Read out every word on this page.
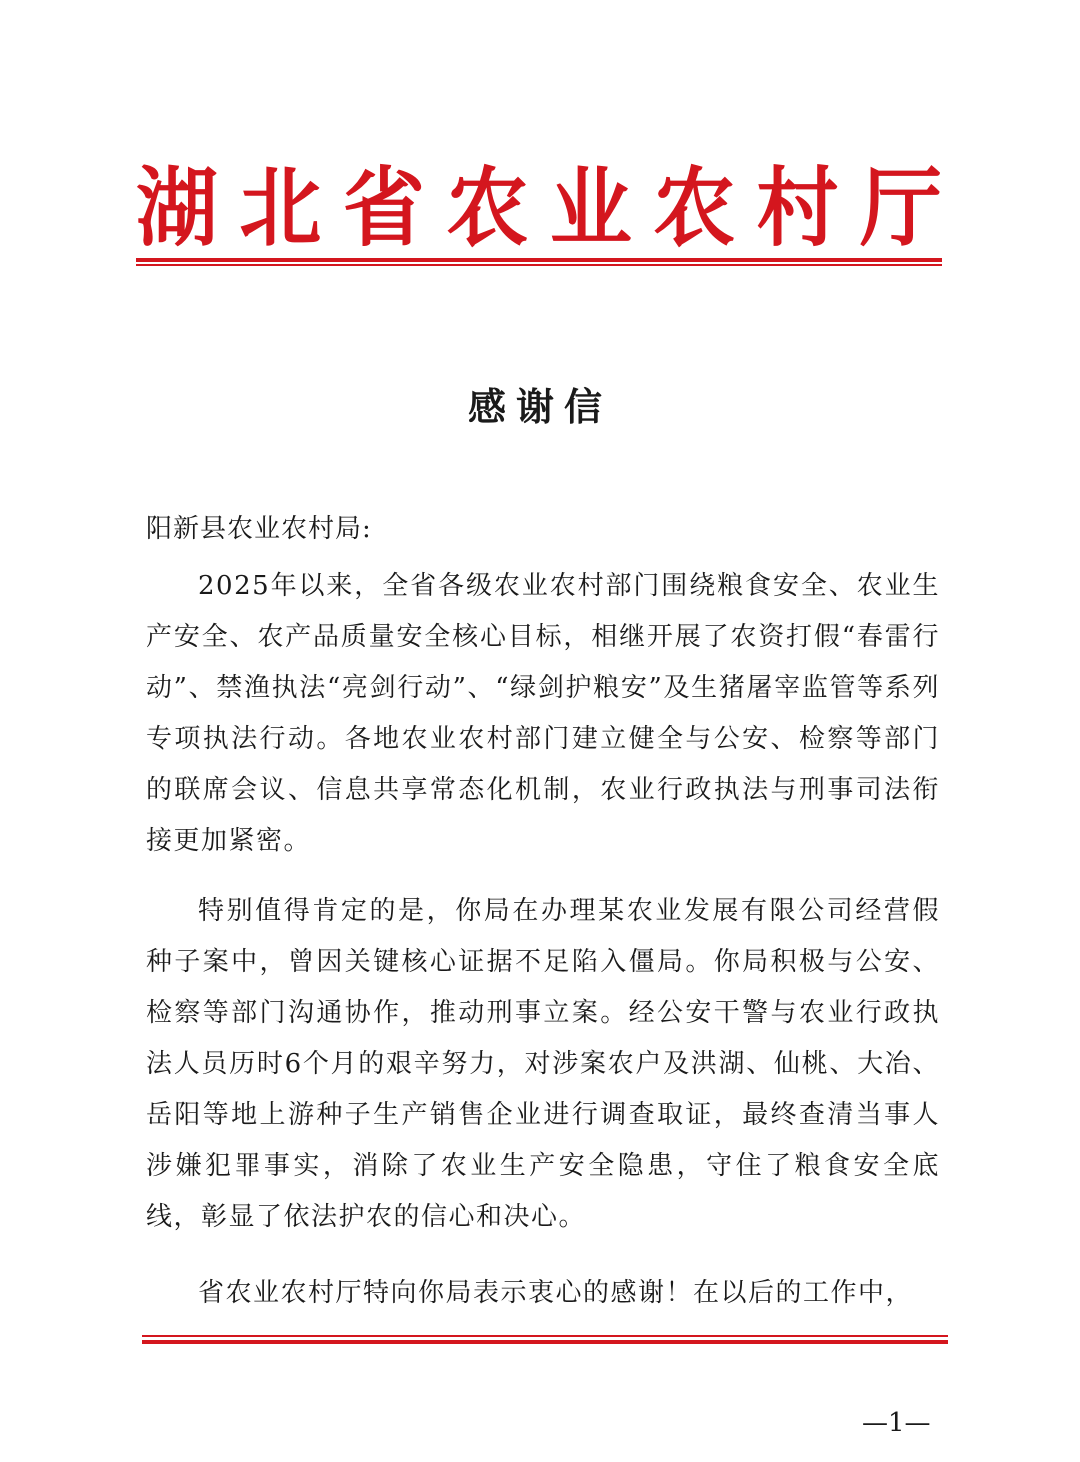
湖 北 省 农 业 农 村 厅
感谢信
阳新县农业农村局:

2025年以来，全省各级农业农村部门围绕粮食安全、农业生产安全、农产品质量安全核心目标，相继开展了农资打假“春雷行动”、禁渔执法“亮剑行动”、“绿剑护粮安”及生猪屠宰监管等系列专项执法行动。各地农业农村部门建立健全与公安、检察等部门的联席会议、信息共享常态化机制，农业行政执法与刑事司法衔接更加紧密。

特别值得肯定的是，你局在办理某农业发展有限公司经营假种子案中，曾因关键核心证据不足陷入僵局。你局积极与公安、检察等部门沟通协作，推动刑事立案。经公安干警与农业行政执法人员历时6个月的艰辛努力，对涉案农户及洪湖、仙桃、大冶、岳阳等地上游种子生产销售企业进行调查取证，最终查清当事人涉嫌犯罪事实，消除了农业生产安全隐患，守住了粮食安全底线，彰显了依法护农的信心和决心。

省农业农村厅特向你局表示衷心的感谢！在以后的工作中，

—1—
